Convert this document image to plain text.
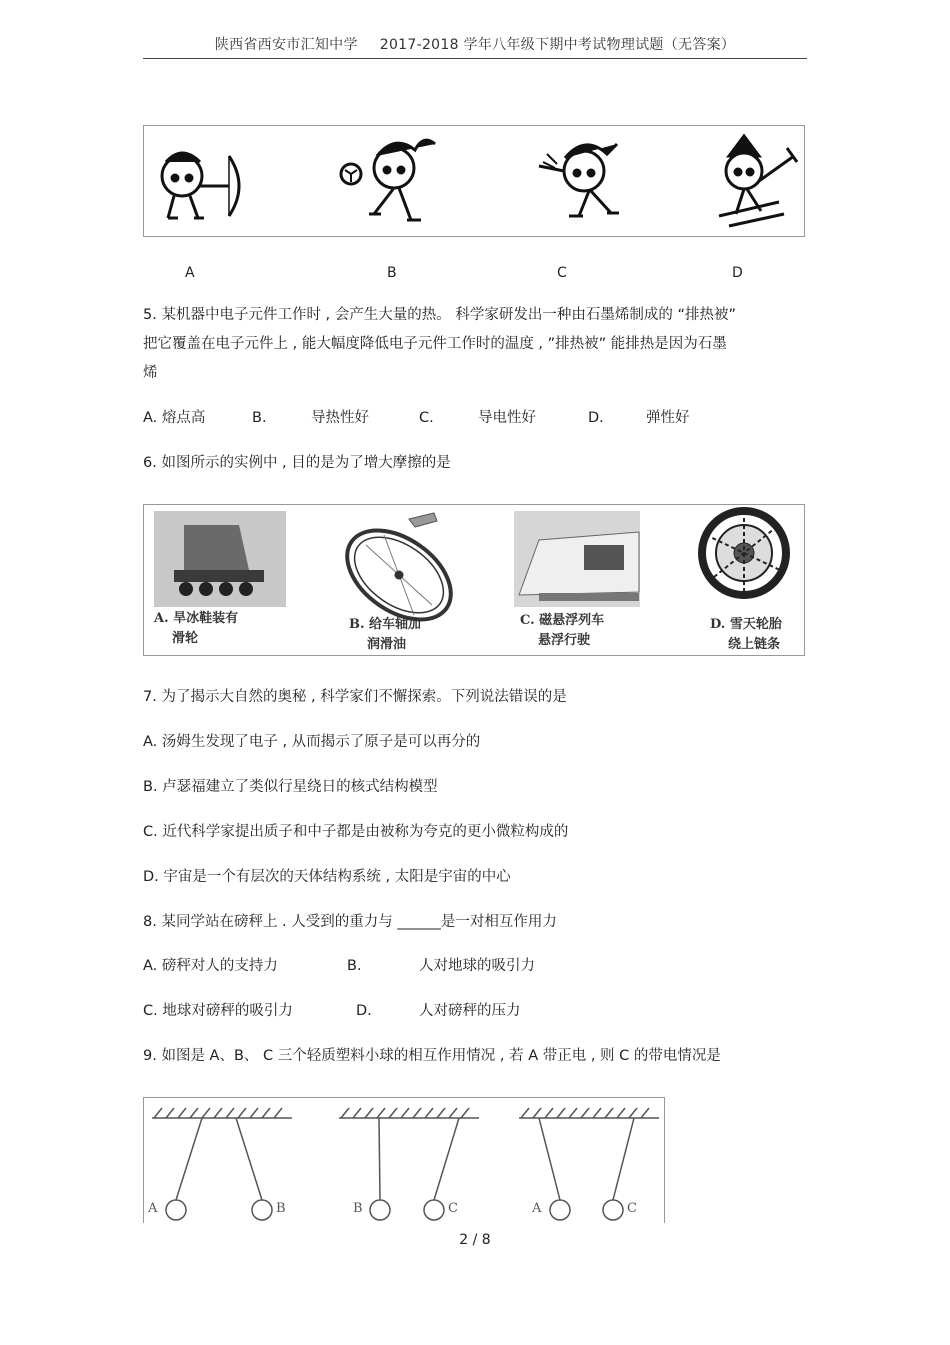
陕西省西安市汇知中学 2017-2018 学年八年级下期中考试物理试题（无答案）
A	B	C	D
5. 某机器中电子元件工作时 , 会产生大量的热。 科学家研发出一种由石墨烯制成的 “排热被”
把它覆盖在电子元件上 , 能大幅度降低电子元件工作时的温度 , ”排热被” 能排热是因为石墨
烯
A. 熔点高	B.	导热性好	C.	导电性好	D.	弹性好
6. 如图所示的实例中 , 目的是为了增大摩擦的是
A. 旱冰鞋装有
滑轮
B. 给车轴加
润滑油
C. 磁悬浮列车
悬浮行驶
D. 雪天轮胎
绕上链条
7. 为了揭示大自然的奥秘 , 科学家们不懈探索。下列说法错误的是
A. 汤姆生发现了电子 , 从而揭示了原子是可以再分的
B. 卢瑟福建立了类似行星绕日的核式结构模型
C. 近代科学家提出质子和中子都是由被称为夸克的更小微粒构成的
D. 宇宙是一个有层次的天体结构系统 , 太阳是宇宙的中心
8. 某同学站在磅秤上 . 人受到的重力与 ______是一对相互作用力
A. 磅秤对人的支持力	B.	人对地球的吸引力
C. 地球对磅秤的吸引力	D.	人对磅秤的压力
9. 如图是 A、B、 C 三个轻质塑料小球的相互作用情况 , 若 A 带正电 , 则 C 的带电情况是
A	B	B	C	A	C
2 / 8
